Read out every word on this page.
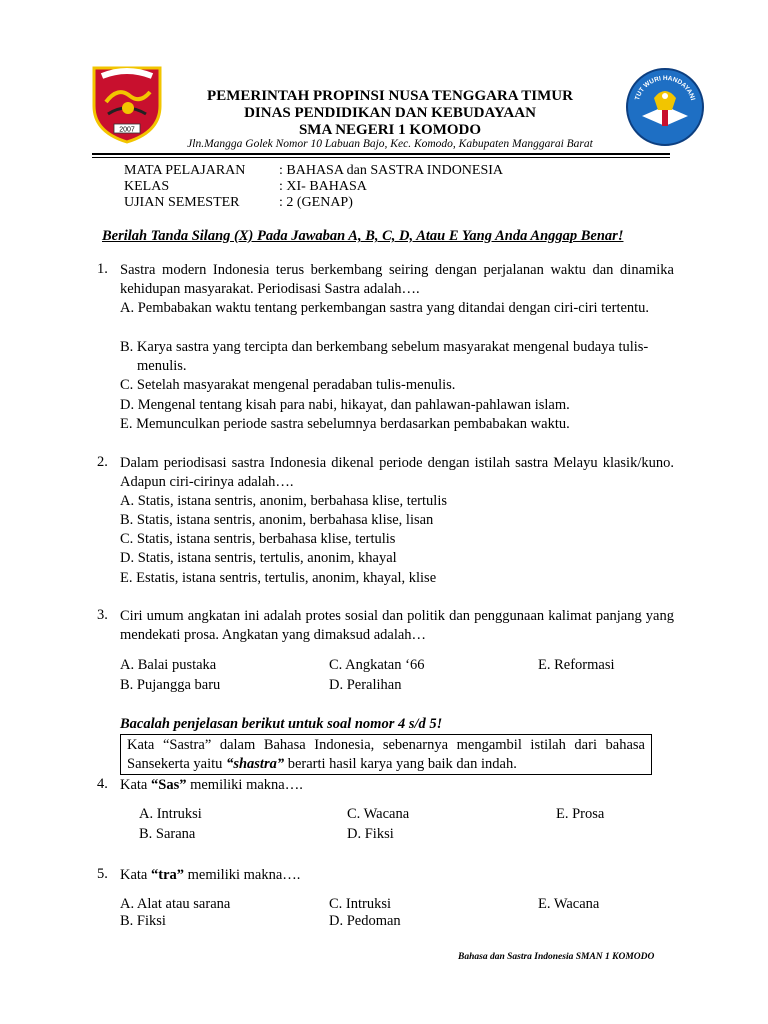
2007
TUT WURI HANDAYANI
PEMERINTAH PROPINSI NUSA TENGGARA TIMUR
DINAS PENDIDIKAN DAN KEBUDAYAAN
SMA NEGERI 1 KOMODO
Jln.Mangga Golek Nomor 10 Labuan Bajo, Kec. Komodo, Kabupaten Manggarai Barat
MATA PELAJARAN : BAHASA dan SASTRA INDONESIA
KELAS	: XI- BAHASA
UJIAN SEMESTER	: 2 (GENAP)
Berilah Tanda Silang (X) Pada Jawaban A, B, C, D, Atau E Yang Anda Anggap Benar!
1. Sastra modern Indonesia terus berkembang seiring dengan perjalanan waktu dan dinamika kehidupan masyarakat. Periodisasi Sastra adalah….
A. Pembabakan waktu tentang perkembangan sastra yang ditandai dengan ciri-ciri tertentu.
B. Karya sastra yang tercipta dan berkembang sebelum masyarakat mengenal budaya tulis-menulis.
C. Setelah masyarakat mengenal peradaban tulis-menulis.
D. Mengenal tentang kisah para nabi, hikayat, dan pahlawan-pahlawan islam.
E. Memunculkan periode sastra sebelumnya berdasarkan pembabakan waktu.
2. Dalam periodisasi sastra Indonesia dikenal periode dengan istilah sastra Melayu klasik/kuno. Adapun ciri-cirinya adalah….
A. Statis, istana sentris, anonim, berbahasa klise, tertulis
B. Statis, istana sentris, anonim, berbahasa klise, lisan
C. Statis, istana sentris, berbahasa klise, tertulis
D. Statis, istana sentris, tertulis, anonim, khayal
E. Estatis, istana sentris, tertulis, anonim, khayal, klise
3. Ciri umum angkatan ini adalah protes sosial dan politik dan penggunaan kalimat panjang yang mendekati prosa. Angkatan yang dimaksud adalah…
A. Balai pustaka	C. Angkatan ‘66	E. Reformasi
B. Pujangga baru	D. Peralihan
Bacalah penjelasan berikut untuk soal nomor 4 s/d 5!
Kata “Sastra” dalam Bahasa Indonesia, sebenarnya mengambil istilah dari bahasa
Sansekerta yaitu “shastra” berarti hasil karya yang baik dan indah.
4. Kata “Sas” memiliki makna….
A. Intruksi	C. Wacana	E. Prosa
B. Sarana	D. Fiksi
5. Kata “tra” memiliki makna….
A. Alat atau sarana	C. Intruksi	E. Wacana
B. Fiksi	D. Pedoman
Bahasa dan Sastra Indonesia SMAN 1 KOMODO
